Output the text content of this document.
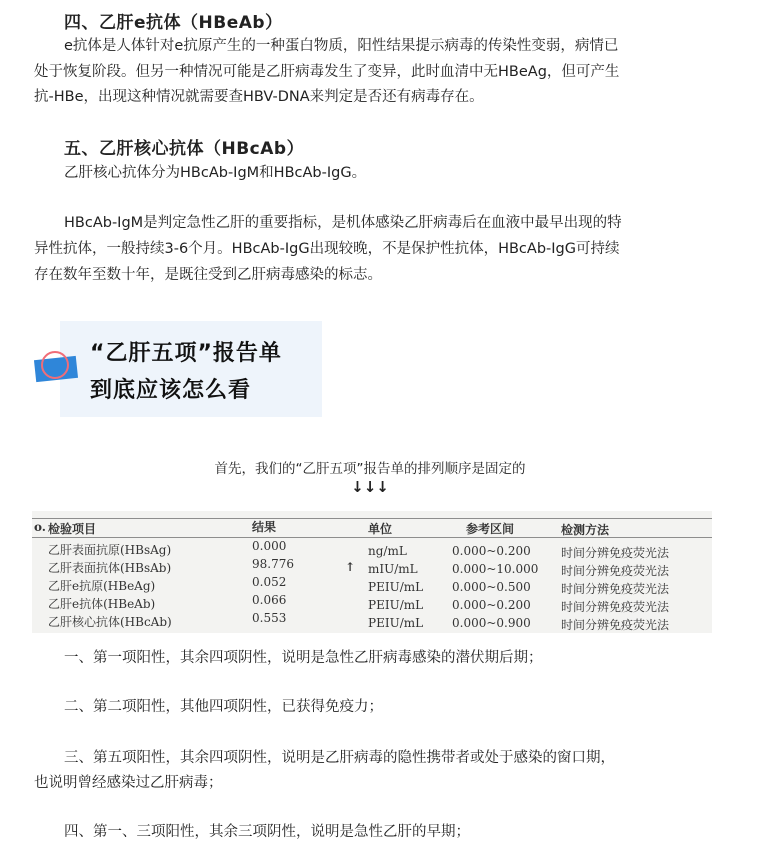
四、乙肝e抗体（HBeAb）
e抗体是人体针对e抗原产生的一种蛋白物质，阳性结果提示病毒的传染性变弱，病情已
处于恢复阶段。但另一种情况可能是乙肝病毒发生了变异，此时血清中无HBeAg，但可产生
抗-HBe，出现这种情况就需要查HBV-DNA来判定是否还有病毒存在。
五、乙肝核心抗体（HBcAb）
乙肝核心抗体分为HBcAb-IgM和HBcAb-IgG。
HBcAb-IgM是判定急性乙肝的重要指标，是机体感染乙肝病毒后在血液中最早出现的特
异性抗体，一般持续3-6个月。HBcAb-IgG出现较晚，不是保护性抗体，HBcAb-IgG可持续
存在数年至数十年，是既往受到乙肝病毒感染的标志。
“乙肝五项”报告单
到底应该怎么看
首先，我们的“乙肝五项”报告单的排列顺序是固定的
↓↓↓
o. 检验项目	结果	单位	参考区间	检测方法
乙肝表面抗原(HBsAg)	0.000	ng/mL	0.000~0.200	时间分辨免疫荧光法
乙肝表面抗体(HBsAb)	98.776	↑ mIU/mL	0.000~10.000 时间分辨免疫荧光法
乙肝e抗原(HBeAg)	0.052	PEIU/mL 0.000~0.500	时间分辨免疫荧光法
乙肝e抗体(HBeAb)	0.066	PEIU/mL 0.000~0.200	时间分辨免疫荧光法
乙肝核心抗体(HBcAb)	0.553	PEIU/mL 0.000~0.900	时间分辨免疫荧光法
一、第一项阳性，其余四项阴性，说明是急性乙肝病毒感染的潜伏期后期；
二、第二项阳性，其他四项阴性，已获得免疫力；
三、第五项阳性，其余四项阴性，说明是乙肝病毒的隐性携带者或处于感染的窗口期，
也说明曾经感染过乙肝病毒；
四、第一、三项阳性，其余三项阴性，说明是急性乙肝的早期；
